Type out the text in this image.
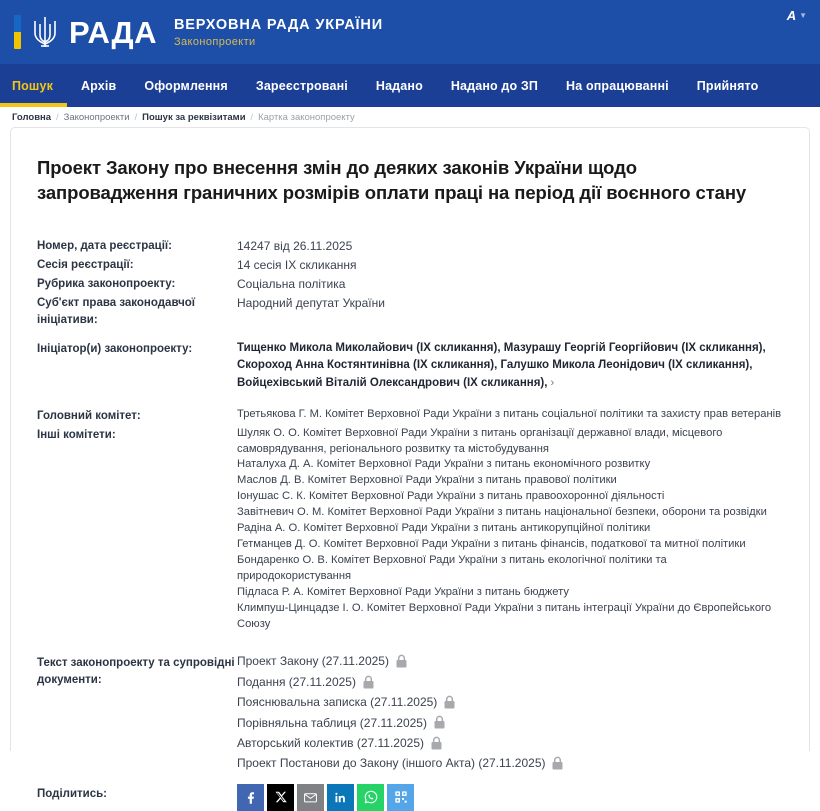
РАДА ВЕРХОВНА РАДА УКРАЇНИ
Законопроекти
A ▼
Пошук Архів Оформлення Зареєстровані Надано Надано до ЗП На опрацюванні Прийнято
Головна / Законопроекти / Пошук за реквізитами / Картка законопроекту
Проект Закону про внесення змін до деяких законів України щодо запровадження граничних розмірів оплати праці на період дії воєнного стану
Номер, дата реєстрації:	14247 від 26.11.2025
Сесія реєстрації:	14 сесія IX скликання
Рубрика законопроекту:	Соціальна політика
Суб'єкт права законодавчої ініціативи:
Народний депутат України
Ініціатор(и) законопроекту:	Тищенко Микола Миколайович (IX скликання), Мазурашу Георгій Георгійович (IX скликання), Скороход Анна Костянтинівна (IX скликання), Галушко Микола Леонідович (IX скликання), Войцехівський Віталій Олександрович (IX скликання), ›
Головний комітет:	Третьякова Г. М. Комітет Верховної Ради України з питань соціальної політики та захисту прав ветеранів
Інші комітети:	Шуляк О. О. Комітет Верховної Ради України з питань організації державної влади, місцевого самоврядування, регіонального розвитку та містобудування
Наталуха Д. А. Комітет Верховної Ради України з питань економічного розвитку
Маслов Д. В. Комітет Верховної Ради України з питань правової політики
Іонушас С. К. Комітет Верховної Ради України з питань правоохоронної діяльності
Завітневич О. М. Комітет Верховної Ради України з питань національної безпеки, оборони та розвідки
Радіна А. О. Комітет Верховної Ради України з питань антикорупційної політики
Гетманцев Д. О. Комітет Верховної Ради України з питань фінансів, податкової та митної політики
Бондаренко О. В. Комітет Верховної Ради України з питань екологічної політики та природокористування
Підласа Р. А. Комітет Верховної Ради України з питань бюджету
Климпуш-Цинцадзе І. О. Комітет Верховної Ради України з питань інтеграції України до Європейського Союзу
Текст законопроекту та супровідні документи:
Проект Закону (27.11.2025)
Подання (27.11.2025)
Пояснювальна записка (27.11.2025)
Порівняльна таблиця (27.11.2025)
Авторський колектив (27.11.2025)
Проект Постанови до Закону (іншого Акта) (27.11.2025)
Поділитись:
